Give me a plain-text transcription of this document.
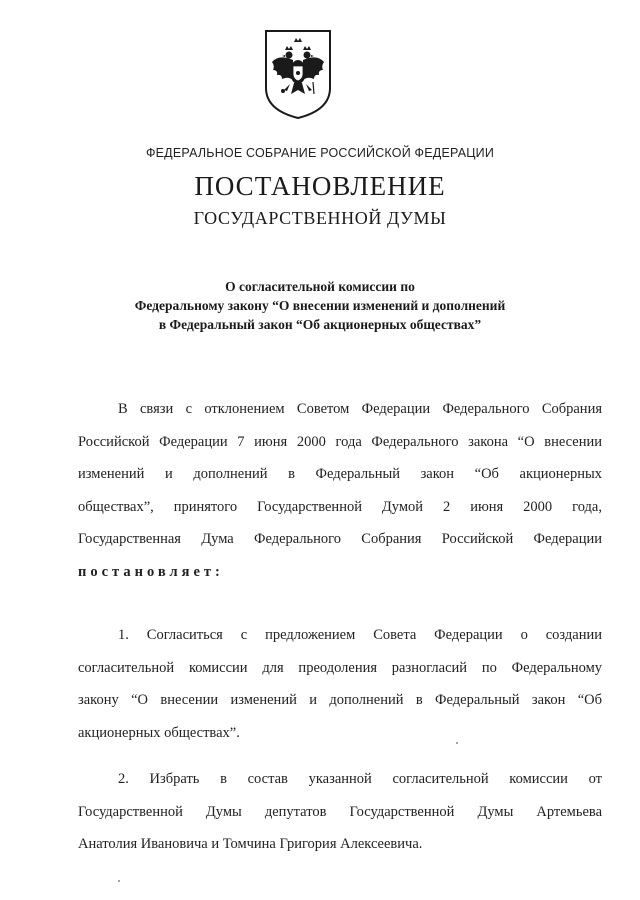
ФЕДЕРАЛЬНОЕ СОБРАНИЕ РОССИЙСКОЙ ФЕДЕРАЦИИ
ПОСТАНОВЛЕНИЕ
ГОСУДАРСТВЕННОЙ ДУМЫ
О согласительной комиссии по
Федеральному закону “О внесении изменений и дополнений
в Федеральный закон “Об акционерных обществах”
В связи с отклонением Советом Федерации Федерального Собрания
Российской Федерации 7 июня 2000 года Федерального закона “О внесении
изменений и дополнений в Федеральный закон “Об акционерных
обществах”, принятого Государственной Думой 2 июня 2000 года,
Государственная Дума Федерального Собрания Российской Федерации
постановляет:
1. Согласиться с предложением Совета Федерации о создании
согласительной комиссии для преодоления разногласий по Федеральному
закону “О внесении изменений и дополнений в Федеральный закон “Об
акционерных обществах”.
2. Избрать в состав указанной согласительной комиссии от
Государственной Думы депутатов Государственной Думы Артемьева
Анатолия Ивановича и Томчина Григория Алексеевича.
